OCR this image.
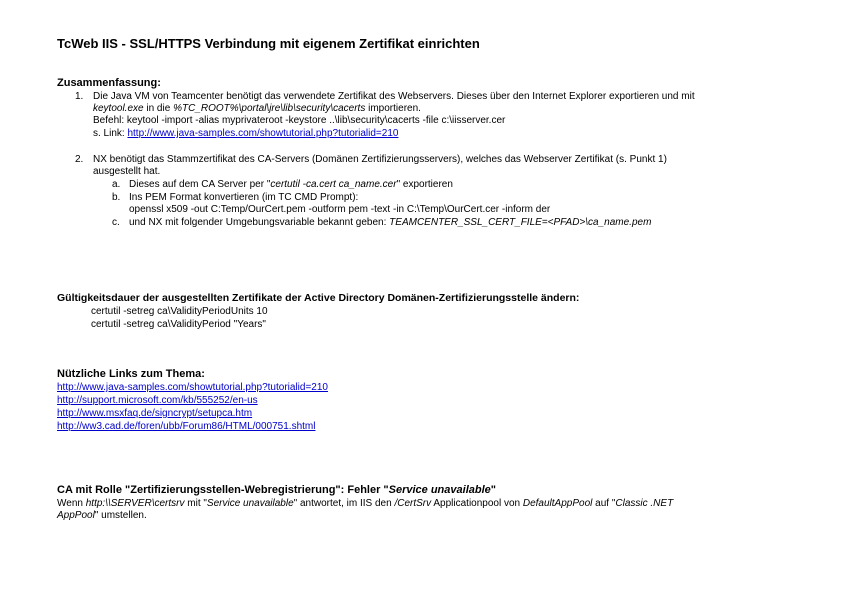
TcWeb IIS - SSL/HTTPS Verbindung mit eigenem Zertifikat einrichten
Zusammenfassung:
1. Die Java VM von Teamcenter benötigt das verwendete Zertifikat des Webservers. Dieses über den Internet Explorer exportieren und mit
keytool.exe in die %TC_ROOT%\portal\jre\lib\security\cacerts importieren.
Befehl: keytool -import -alias myprivateroot -keystore ..\lib\security\cacerts -file c:\iisserver.cer
s. Link: http://www.java-samples.com/showtutorial.php?tutorialid=210
2. NX benötigt das Stammzertifikat des CA-Servers (Domänen Zertifizierungsservers), welches das Webserver Zertifikat (s. Punkt 1)
ausgestellt hat.
a. Dieses auf dem CA Server per "certutil -ca.cert ca_name.cer" exportieren
b. Ins PEM Format konvertieren (im TC CMD Prompt):
openssl x509 -out C:Temp/OurCert.pem -outform pem -text -in C:\Temp\OurCert.cer -inform der
c. und NX mit folgender Umgebungsvariable bekannt geben: TEAMCENTER_SSL_CERT_FILE=<PFAD>\ca_name.pem
Gültigkeitsdauer der ausgestellten Zertifikate der Active Directory Domänen-Zertifizierungsstelle ändern:
certutil -setreg ca\ValidityPeriodUnits 10
certutil -setreg ca\ValidityPeriod "Years"
Nützliche Links zum Thema:
http://www.java-samples.com/showtutorial.php?tutorialid=210
http://support.microsoft.com/kb/555252/en-us
http://www.msxfaq.de/signcrypt/setupca.htm
http://ww3.cad.de/foren/ubb/Forum86/HTML/000751.shtml
CA mit Rolle "Zertifizierungsstellen-Webregistrierung": Fehler "Service unavailable"
Wenn http:\\SERVER\certsrv mit "Service unavailable" antwortet, im IIS den /CertSrv Applicationpool von DefaultAppPool auf "Classic .NET
AppPool" umstellen.
